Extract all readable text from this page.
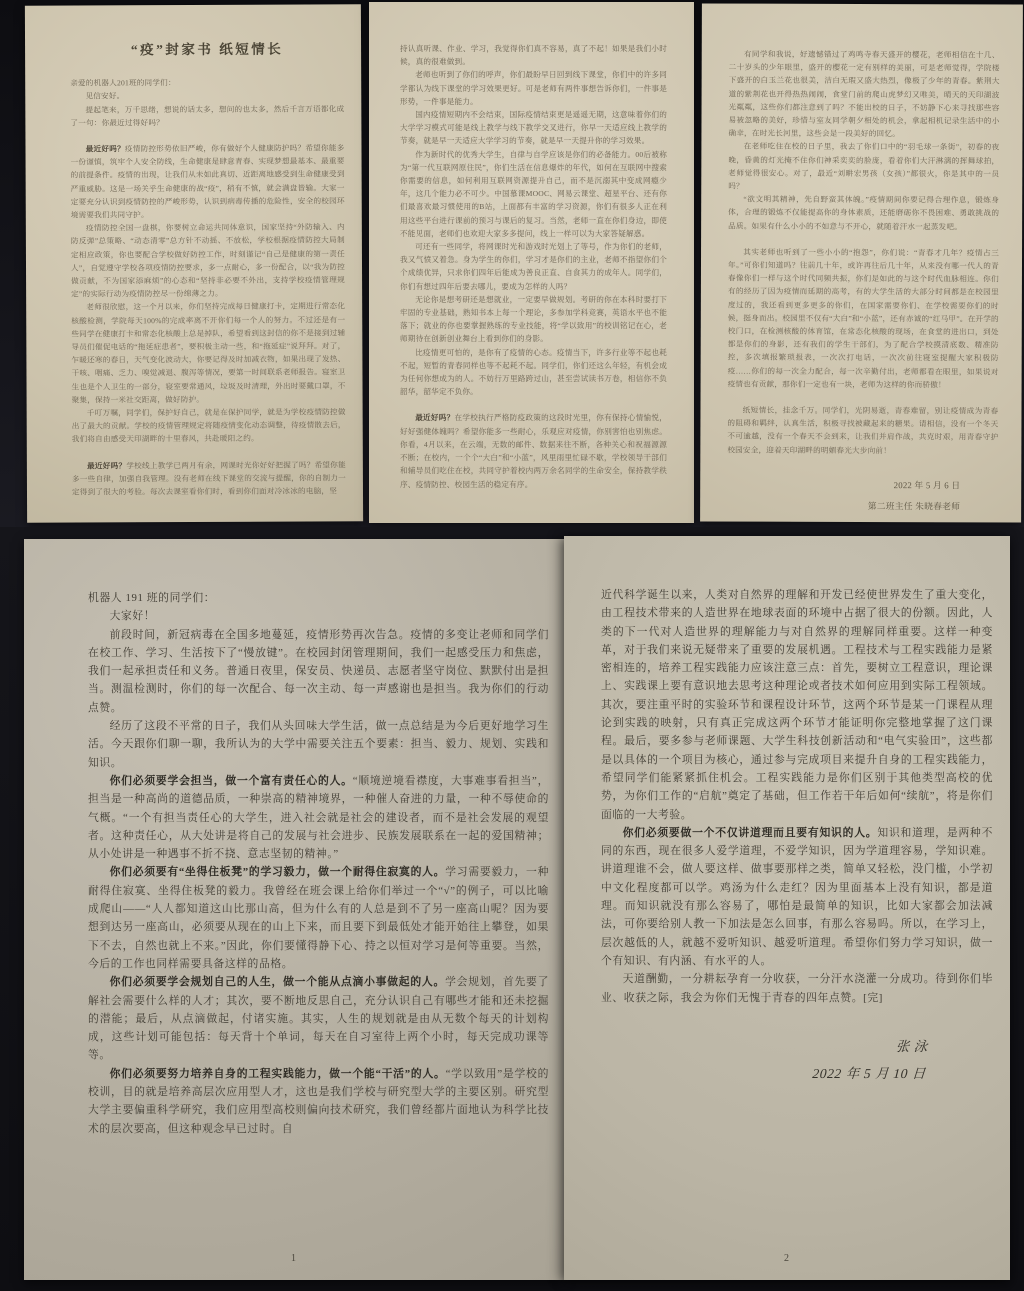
“疫”封家书 纸短情长

亲爱的机器人201班的同学们：

见信安好。

提起笔来，万千思绪，想说的话太多，想问的也太多，然后千言万语都化成了一句：你最近过得好吗？

最近好吗？疫情防控形势依旧严峻，你有做好个人健康防护吗？希望你能多一份谨慎，筑牢个人安全防线，生命健康是肆意青春、实现梦想最基本、最重要的前提条件。疫情的出现，让我们从未如此真切、近距离地感受到生命健康受到严重威胁。这是一场关乎生命健康的战“疫”，稍有不慎，就会满盘皆输。大家一定要充分认识到疫情防控的严峻形势，认识到病毒传播的危险性，安全的校园环境需要我们共同守护。

疫情防控全国一盘棋，你要树立命运共同体意识，国家坚持“外防输入、内防反弹”总策略、“动态清零”总方针不动摇、不放松，学校根据疫情防控大局制定相应政策，你也要配合学校做好防控工作，时刻谨记“自己是健康的第一责任人”，自觉遵守学校各项疫情防控要求，多一点耐心，多一份配合，以“我为防控做贡献，不为国家添麻烦”的心态和“坚持非必要不外出，支持学校疫情管理规定”的实际行动为疫情防控尽一份绵薄之力。

老师很欣慰，这一个月以来，你们坚持完成每日健康打卡，定期进行常态化核酸检测，学院每天100%的完成率离不开你们每一个人的努力。不过还是有一些同学在健康打卡和常态化核酸上总是掉队，希望看到这封信的你不是接到过辅导员们催促电话的“拖延症患者”，要积极主动一些，和“拖延症”说拜拜。对了，乍暖还寒的春日，天气变化波动大，你要记得及时加减衣物，如果出现了发热、干咳、咽痛、乏力、嗅觉减退、腹泻等情况，要第一时间联系老师报告。寝室卫生也是个人卫生的一部分，寝室要常通风，垃圾及时清理，外出时要戴口罩，不聚集，保持一米社交距离，做好防护。

千叮万嘱，同学们，保护好自己，就是在保护同学，就是为学校疫情防控做出了最大的贡献。学校的疫情管理规定将随疫情变化动态调整，待疫情散去后，我们将自由感受天印湖畔的十里春风，共赴暖阳之约。

最近好吗？学校线上教学已两月有余，网课时光你好好把握了吗？希望你能多一些自律，加强自我管理。没有老师在线下课堂的交流与提醒，你的自制力一定得到了很大的考验。每次去课室看你们时，看到你们面对冷冰冰的电脑，坚

持认真听课、作业、学习，我觉得你们真不容易，真了不起！如果是我们小时候，真的很难做到。

老师也听到了你们的呼声，你们最盼早日回到线下课堂，你们中的许多同学都认为线下课堂的学习效果更好。可是老师有两件事想告诉你们，一件事是形势，一件事是能力。

国内疫情短期内不会结束，国际疫情结束更是遥遥无期，这意味着你们的大学学习模式可能是线上教学与线下教学交叉进行，你早一天适应线上教学的节奏，就是早一天适应大学学习的节奏，就是早一天提升你的学习效果。

作为新时代的优秀大学生，自律与自学应该是你们的必备能力。00后被称为“第一代互联网原住民”，你们生活在信息爆炸的年代，如何在互联网中搜索你需要的信息，如何利用互联网资源提升自己，而不是沉溺其中变成网瘾少年，这几个能力必不可少。中国慕课MOOC、网易云课堂、超星平台、还有你们最喜欢最习惯使用的B站，上面都有丰富的学习资源，你们有很多人正在利用这些平台进行课前的预习与课后的复习。当然，老师一直在你们身边，即使不能见面，老师们也欢迎大家多多提问，线上一样可以为大家答疑解惑。

可还有一些同学，将网课时光和游戏时光划上了等号，作为你们的老师，我又气愤又着急。身为学生的你们，学习才是你们的主业，老师不指望你们个个成绩优异，只求你们四年后能成为善良正直、自食其力的成年人。同学们，你们有想过四年后要去哪儿，要成为怎样的人吗？

无论你是想考研还是想就业，一定要早做规划。考研的你在本科时要打下牢固的专业基础，熟知书本上每一个理论，多参加学科竞赛，英语水平也不能落下；就业的你也要掌握熟练的专业技能，将“学以致用”的校训铭记在心，老师期待在创新创业舞台上看到你们的身影。

比疫情更可怕的，是你有了疫情的心态。疫情当下，许多行业等不起也耗不起，短暂的青春同样也等不起耗不起。同学们，你们还这么年轻，有机会成为任何你想成为的人。不妨行万里路跨过山，甚至尝试读书万卷，相信你不负韶华，韶华定不负你。

最近好吗？在学校执行严格防疫政策的这段时光里，你有保持心情愉悦，好好强健体魄吗？希望你能多一些耐心，乐观应对疫情，你别害怕也别焦虑。你看，4月以来，在云端，无数的邮件、数据来往不断，各种关心和祝福源源不断；在校内，一个个“大白”和“小蓝”，风里雨里忙碌不歇，学校领导干部们和辅导员们吃住在校，共同守护着校内两万余名同学的生命安全，保持教学秩序、疫情防控、校园生活的稳定有序。

有同学和我说，好遗憾错过了鸡鸣寺春天盛开的樱花，老师相信在十几、二十岁头的少年眼里，盛开的樱花一定有别样的美丽，可是老师觉得，学院楼下盛开的白玉兰花也很美，洁白无瑕又盛大热烈，像极了少年的青春。紫荆大道的紫荆花也开得热热闹闹，食堂门前的爬山虎梦幻又唯美，晴天的天印湖波光粼粼，这些你们都注意到了吗？不能出校的日子，不妨静下心来寻找那些容易被忽略的美好，珍惜与室友同学朝夕相处的机会，拿起相机记录生活中的小确幸，在时光长河里，这些会是一段美好的回忆。

在老师吃住在校的日子里，我去了你们口中的“羽毛球一条街”，初春的夜晚，昏黄的灯光掩不住你们神采奕奕的脸庞，看着你们大汗淋漓的挥舞球拍，老师觉得很安心。对了，最近“刘畊宏男孩（女孩）”都很火，你是其中的一员吗？

“欲文明其精神，先自野蛮其体魄。”疫情期间你要记得合理作息，锻炼身体，合理的锻炼不仅能提高你的身体素质，还能磨砺你不畏困难、勇敢挑战的品质。如果有什么小小的不如意与不开心，就随着汗水一起蒸发吧。

其实老师也听到了一些小小的“抱怨”，你们说：“青春才几年？疫情占三年。”可你们知道吗？往前几十年，或许再往后几十年，从来没有哪一代人的青春像你们一样与这个时代同频共振，你们是如此的与这个时代血脉相连。你们有的经历了因为疫情而延期的高考，有的大学生活的大部分时间都是在校园里度过的，我还看到更多更多的你们，在国家需要你们、在学校需要你们的时候，挺身而出。校园里不仅有“大白”和“小蓝”，还有赤诚的“红马甲”。在开学的校门口，在检测核酸的体育馆，在常态化核酸的现场，在食堂的进出口，到处都是你们的身影，还有我们的学生干部们，为了配合学校摸清底数、精准防控，多次填报繁琐报表，一次次打电话，一次次前往寝室提醒大家积极防疫……你们的每一次全力配合，每一次辛勤付出，老师都看在眼里，如果说对疫情也有贡献，那你们一定也有一块，老师为这样的你而骄傲！

纸短情长，挂念千万。同学们，光阴易逝，青春难留，别让疫情成为青春的阻碍和羁绊，认真生活，积极寻找被藏起来的糖果。请相信，没有一个冬天不可逾越，没有一个春天不会到来，让我们并肩作战，共克时艰，用青春守护校园安全，迎着天印湖畔的明媚春光大步向前！

2022 年 5 月 6 日
第二班主任 朱晓春老师

机器人 191 班的同学们：

大家好！

前段时间，新冠病毒在全国多地蔓延，疫情形势再次告急。疫情的多变让老师和同学们在校工作、学习、生活按下了“慢放键”。在校园封闭管理期间，我们一起感受压力和焦虑，我们一起承担责任和义务。普通日夜里，保安员、快递员、志愿者坚守岗位、默默付出是担当。测温检测时，你们的每一次配合、每一次主动、每一声感谢也是担当。我为你们的行动点赞。

经历了这段不平常的日子，我们从头回味大学生活，做一点总结是为今后更好地学习生活。今天跟你们聊一聊，我所认为的大学中需要关注五个要素：担当、毅力、规划、实践和知识。

你们必须要学会担当，做一个富有责任心的人。“顺境逆境看襟度，大事难事看担当”，担当是一种高尚的道德品质，一种崇高的精神境界，一种催人奋进的力量，一种不辱使命的气概。“一个有担当责任心的大学生，进入社会就是社会的建设者，而不是社会发展的观望者。这种责任心，从大处讲是将自己的发展与社会进步、民族发展联系在一起的爱国精神；从小处讲是一种遇事不折不挠、意志坚韧的精神。”

你们必须要有“坐得住板凳”的学习毅力，做一个耐得住寂寞的人。学习需要毅力，一种耐得住寂寞、坐得住板凳的毅力。我曾经在班会课上给你们举过一个“√”的例子，可以比喻成爬山——“人人都知道这山比那山高，但为什么有的人总是到不了另一座高山呢？因为要想到达另一座高山，必须要从现在的山上下来，而且要下到最低处才能开始往上攀登，如果下不去，自然也就上不来。”因此，你们要懂得静下心、持之以恒对学习是何等重要。当然，今后的工作也同样需要具备这样的品格。

你们必须要学会规划自己的人生，做一个能从点滴小事做起的人。学会规划，首先要了解社会需要什么样的人才；其次，要不断地反思自己，充分认识自己有哪些才能和还未挖掘的潜能；最后，从点滴做起，付诸实施。其实，人生的规划就是由从无数个每天的计划构成，这些计划可能包括：每天背十个单词，每天在自习室待上两个小时，每天完成功课等等。

你们必须要努力培养自身的工程实践能力，做一个能“干活”的人。“学以致用”是学校的校训，目的就是培养高层次应用型人才，这也是我们学校与研究型大学的主要区别。研究型大学主要偏重科学研究，我们应用型高校则偏向技术研究，我们曾经都片面地认为科学比技术的层次要高，但这种观念早已过时。自

1

近代科学诞生以来，人类对自然界的理解和开发已经使世界发生了重大变化，由工程技术带来的人造世界在地球表面的环境中占据了很大的份额。因此，人类的下一代对人造世界的理解能力与对自然界的理解同样重要。这样一种变革，对于我们来说无疑带来了重要的发展机遇。工程技术与工程实践能力是紧密相连的，培养工程实践能力应该注意三点：首先，要树立工程意识，理论课上、实践课上要有意识地去思考这种理论或者技术如何应用到实际工程领域。其次，要注重平时的实验环节和课程设计环节，这两个环节是某一门课程从理论到实践的映射，只有真正完成这两个环节才能证明你完整地掌握了这门课程。最后，要多参与老师课题、大学生科技创新活动和“电气实验田”，这些都是以具体的一个项目为核心，通过参与完成项目来提升自身的工程实践能力，希望同学们能紧紧抓住机会。工程实践能力是你们区别于其他类型高校的优势，为你们工作的“启航”奠定了基础，但工作若干年后如何“续航”，将是你们面临的一大考验。

你们必须要做一个不仅讲道理而且要有知识的人。知识和道理，是两种不同的东西，现在很多人爱学道理，不爱学知识，因为学道理容易，学知识难。讲道理谁不会，做人要这样、做事要那样之类，简单又轻松，没门槛，小学初中文化程度都可以学。鸡汤为什么走红？因为里面基本上没有知识，都是道理。而知识就没有那么容易了，哪怕是最简单的知识，比如大家都会加法减法，可你要给别人教一下加法是怎么回事，有那么容易吗。所以，在学习上，层次越低的人，就越不爱听知识、越爱听道理。希望你们努力学习知识，做一个有知识、有内涵、有水平的人。

天道酬勤，一分耕耘孕育一分收获，一分汗水浇灌一分成功。待到你们毕业、收获之际，我会为你们无愧于青春的四年点赞。[完]

张 泳
2022 年 5 月 10 日
2
